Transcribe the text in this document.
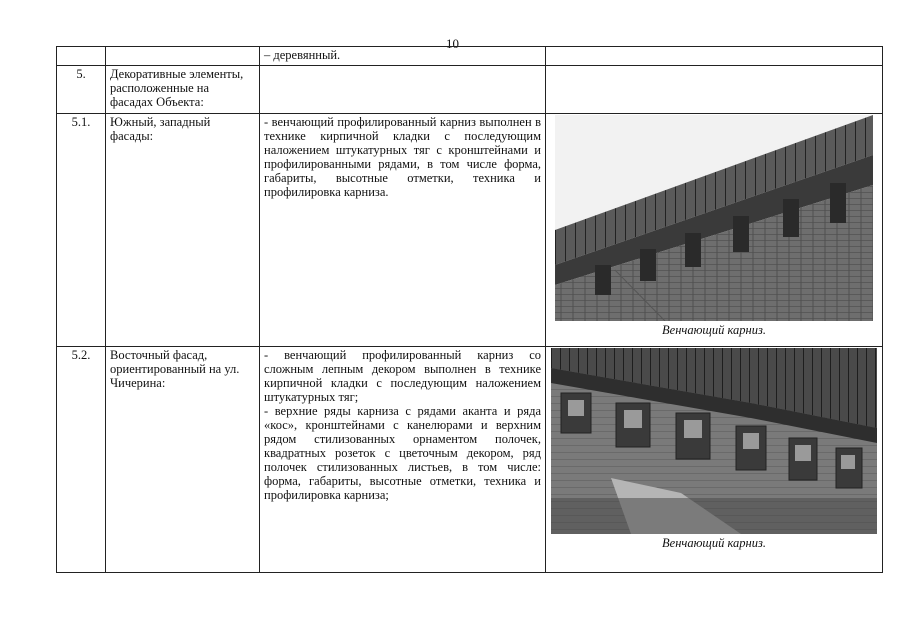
10
		– деревянный.	
5.	Декоративные элементы, расположенные на фасадах Объекта:		
5.1.	Южный, западный фасады:	- венчающий профилированный карниз выполнен в технике кирпичной кладки с последующим наложением штукатурных тяг с кронштейнами и профилированными рядами, в том числе форма, габариты, высотные отметки, техника и профилировка карниза.	Венчающий карниз.

5.2.	Восточный фасад, ориентированный на ул. Чичерина:	- венчающий профилированный карниз со сложным лепным декором выполнен в технике кирпичной кладки с последующим наложением штукатурных тяг;
- верхние ряды карниза с рядами аканта и ряда «кос», кронштейнами с канелюрами и верхним рядом стилизованных орнаментом полочек, квадратных розеток с цветочным декором, ряд полочек стилизованных листьев, в том числе: форма, габариты, высотные отметки, техника и профилировка карниза;	Венчающий карниз.
